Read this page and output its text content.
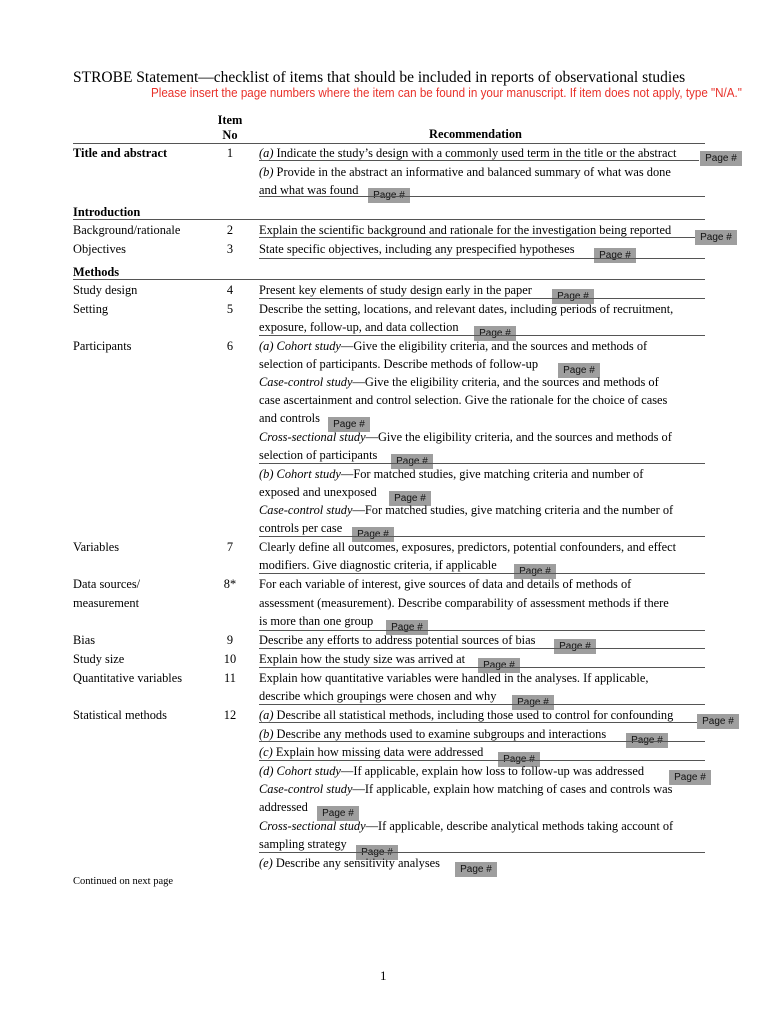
STROBE Statement—checklist of items that should be included in reports of observational studies
Please insert the page numbers where the item can be found in your manuscript. If item does not apply, type "N/A."
Item
No	Recommendation
Title and abstract	1	(a) Indicate the study’s design with a commonly used term in the title or the abstract	Page #
(b) Provide in the abstract an informative and balanced summary of what was done
and what was found	Page #
Introduction
Background/rationale	2	Explain the scientific background and rationale for the investigation being reported
Page #
Objectives	3	State specific objectives, including any prespecified hypotheses	Page #
Methods
Study design	4	Present key elements of study design early in the paper	Page #
Setting	5	Describe the setting, locations, and relevant dates, including periods of recruitment,
exposure, follow-up, and data collection	Page #
Participants	6	(a) Cohort study—Give the eligibility criteria, and the sources and methods of
selection of participants. Describe methods of follow-up	Page #
Case-control study—Give the eligibility criteria, and the sources and methods of
case ascertainment and control selection. Give the rationale for the choice of cases
and controls	Page #
Cross-sectional study—Give the eligibility criteria, and the sources and methods of
selection of participants	Page #
(b) Cohort study—For matched studies, give matching criteria and number of
exposed and unexposed	Page #
Case-control study—For matched studies, give matching criteria and the number of
controls per case	Page #
Variables	7	Clearly define all outcomes, exposures, predictors, potential confounders, and effect
modifiers. Give diagnostic criteria, if applicable	Page #
Data sources/
measurement
8*	For each variable of interest, give sources of data and details of methods of
assessment (measurement). Describe comparability of assessment methods if there
is more than one group	Page #
Bias	9	Describe any efforts to address potential sources of bias	Page #
Study size	10	Explain how the study size was arrived at	Page #
Quantitative variables	11	Explain how quantitative variables were handled in the analyses. If applicable,
describe which groupings were chosen and why	Page #
Statistical methods	12	(a) Describe all statistical methods, including those used to control for confounding	Page #
(b) Describe any methods used to examine subgroups and interactions	Page #
(c) Explain how missing data were addressed
Page #
(d) Cohort study—If applicable, explain how loss to follow-up was addressed	Page #
Case-control study—If applicable, explain how matching of cases and controls was
addressed	Page #
Cross-sectional study—If applicable, describe analytical methods taking account of
sampling strategy
Page #
(e) Describe any sensitivity analyses	Page #
Continued on next page
1
